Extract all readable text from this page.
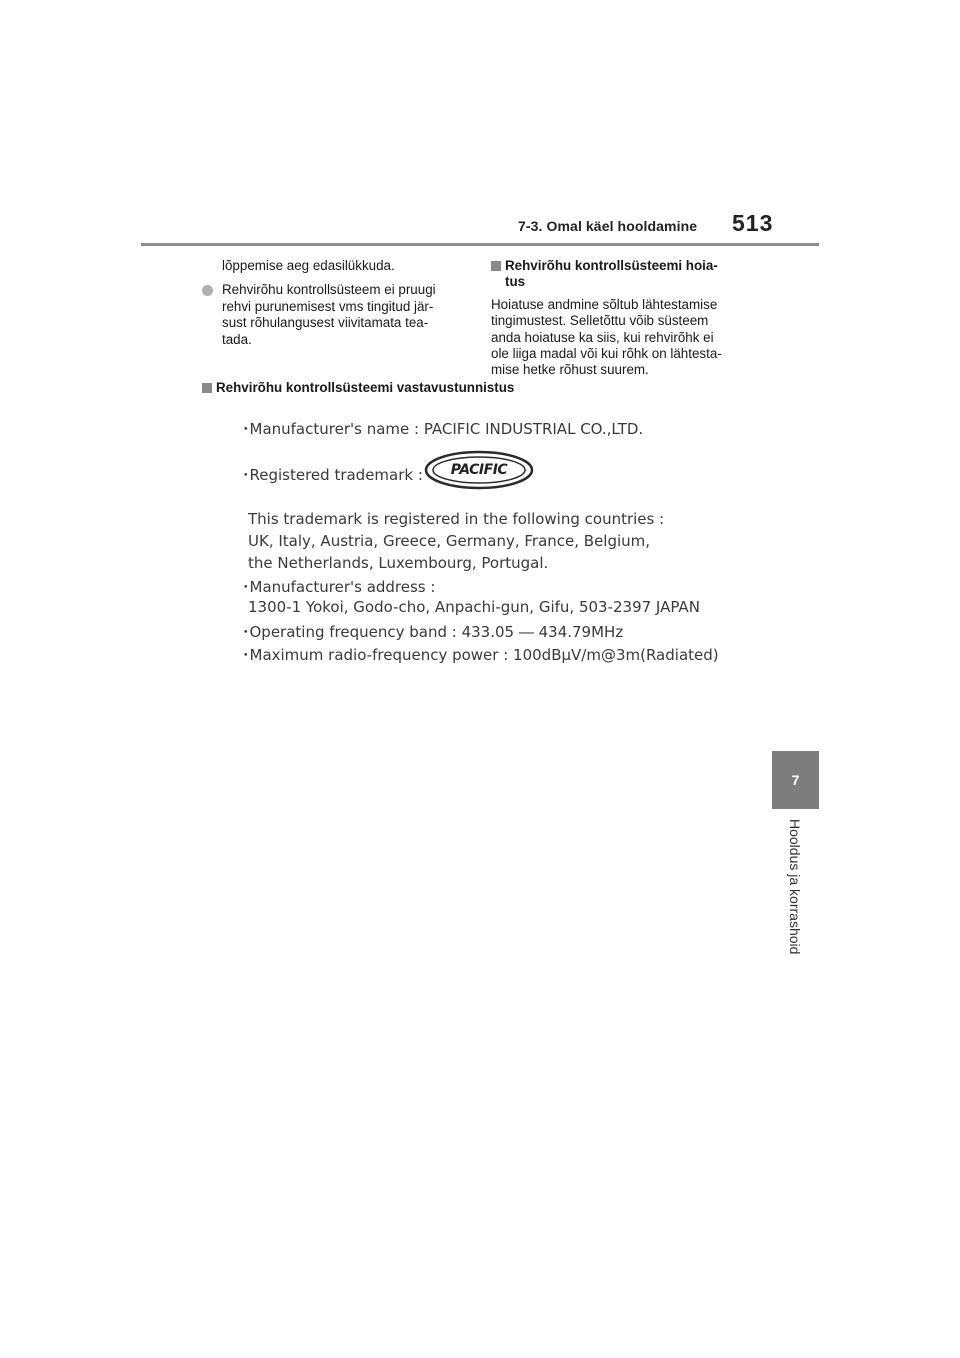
7-3. Omal käel hooldamine 513

lõppemise aeg edasilükkuda.

Rehvirõhu kontrollsüsteem ei pruugi
rehvi purunemisest vms tingitud jär-
sust rõhulangusest viivitamata tea-
tada.

Rehvirõhu kontrollsüsteemi hoia-
tus

Hoiatuse andmine sõltub lähtestamise
tingimustest. Selletõttu võib süsteem
anda hoiatuse ka siis, kui rehvirõhk ei
ole liiga madal või kui rõhk on lähtesta-
mise hetke rõhust suurem.

Rehvirõhu kontrollsüsteemi vastavustunnistus

･Manufacturer's name : PACIFIC INDUSTRIAL CO.,LTD.
･Registered trademark :	PACIFIC
This trademark is registered in the following countries :
UK, Italy, Austria, Greece, Germany, France, Belgium,
the Netherlands, Luxembourg, Portugal.
･Manufacturer's address :
1300-1 Yokoi, Godo-cho, Anpachi-gun, Gifu, 503-2397 JAPAN
･Operating frequency band : 433.05 ― 434.79MHz
･Maximum radio-frequency power : 100dBμV/m@3m(Radiated)
7
Hooldus ja korrashoid
